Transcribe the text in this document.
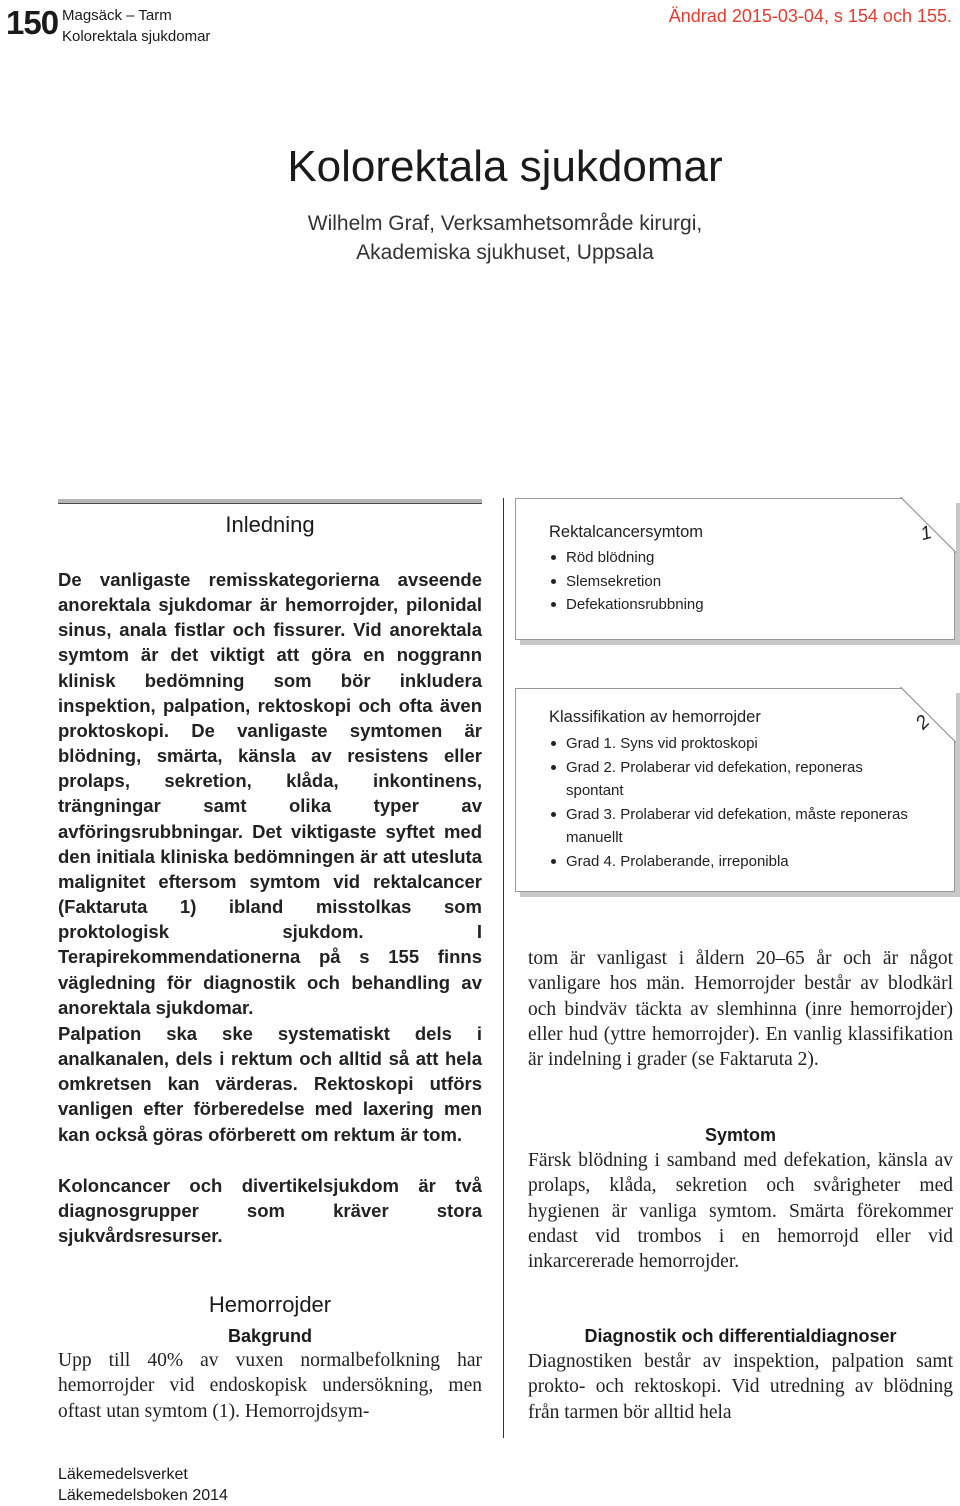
150 Magsäck – Tarm
Kolorektala sjukdomar
Ändrad 2015-03-04, s 154 och 155.
Kolorektala sjukdomar
Wilhelm Graf, Verksamhetsområde kirurgi,
Akademiska sjukhuset, Uppsala
Inledning
De vanligaste remisskategorierna avseende anorektala sjukdomar är hemorrojder, pilonidal sinus, anala fistlar och fissurer. Vid anorektala symtom är det viktigt att göra en noggrann klinisk bedömning som bör inkludera inspektion, palpation, rektoskopi och ofta även proktoskopi. De vanligaste symtomen är blödning, smärta, känsla av resistens eller prolaps, sekretion, klåda, inkontinens, trängningar samt olika typer av avföringsrubbningar. Det viktigaste syftet med den initiala kliniska bedömningen är att utesluta malignitet eftersom symtom vid rektalcancer (Faktaruta 1) ibland misstolkas som proktologisk sjukdom. I Terapirekommendationerna på s 155 finns vägledning för diagnostik och behandling av anorektala sjukdomar.
Palpation ska ske systematiskt dels i analkanalen, dels i rektum och alltid så att hela omkretsen kan värderas. Rektoskopi utförs vanligen efter förberedelse med laxering men kan också göras oförberett om rektum är tom.
Koloncancer och divertikelsjukdom är två diagnosgrupper som kräver stora sjukvårdsresurser.
Hemorrojder
Bakgrund
Upp till 40% av vuxen normalbefolkning har hemorrojder vid endoskopisk undersökning, men oftast utan symtom (1). Hemorrojdsym-
Rektalcancersymtom
Röd blödning
Slemsekretion
Defekationsrubbning
1
Klassifikation av hemorrojder
Grad 1. Syns vid proktoskopi
Grad 2. Prolaberar vid defekation, reponeras spontant
Grad 3. Prolaberar vid defekation, måste reponeras manuellt
Grad 4. Prolaberande, irreponibla
2
tom är vanligast i åldern 20–65 år och är något vanligare hos män. Hemorrojder består av blodkärl och bindväv täckta av slemhinna (inre hemorrojder) eller hud (yttre hemorrojder). En vanlig klassifikation är indelning i grader (se Faktaruta 2).
Symtom
Färsk blödning i samband med defekation, känsla av prolaps, klåda, sekretion och svårigheter med hygienen är vanliga symtom. Smärta förekommer endast vid trombos i en hemorrojd eller vid inkarcererade hemorrojder.
Diagnostik och differentialdiagnoser
Diagnostiken består av inspektion, palpation samt prokto- och rektoskopi. Vid utredning av blödning från tarmen bör alltid hela
Läkemedelsverket
Läkemedelsboken 2014
